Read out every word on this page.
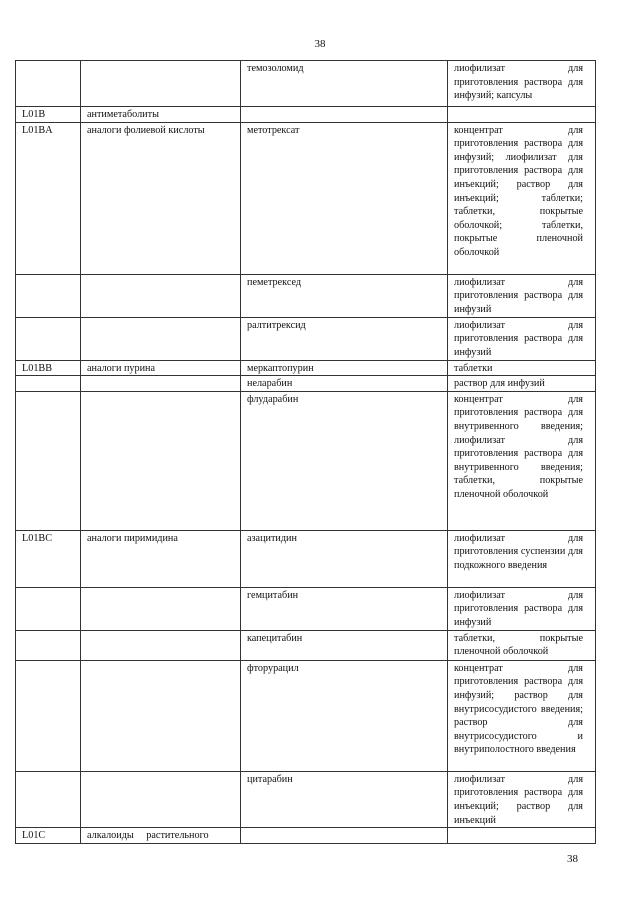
38
		темозоломид	лиофилизат для приготовления раствора для инфузий; капсулы
L01B	антиметаболиты		
L01BA	аналоги фолиевой кислоты	метотрексат	концентрат для приготовления раствора для инфузий; лиофилизат для приготовления раствора для инъекций; раствор для инъекций; таблетки; таблетки, покрытые оболочкой; таблетки, покрытые пленочной оболочкой
		пеметрексед	лиофилизат для приготовления раствора для инфузий
		ралтитрексид	лиофилизат для приготовления раствора для инфузий
L01BB	аналоги пурина	меркаптопурин	таблетки
		неларабин	раствор для инфузий
		флударабин	концентрат для приготовления раствора для внутривенного введения; лиофилизат для приготовления раствора для внутривенного введения; таблетки, покрытые пленочной оболочкой
L01BC	аналоги пиримидина	азацитидин	лиофилизат для приготовления суспензии для подкожного введения
		гемцитабин	лиофилизат для приготовления раствора для инфузий
		капецитабин	таблетки, покрытые пленочной оболочкой
		фторурацил	концентрат для приготовления раствора для инфузий; раствор для внутрисосудистого введения; раствор для внутрисосудистого и внутриполостного введения
		цитарабин	лиофилизат для приготовления раствора для инъекций; раствор для инъекций
L01C	алкалоиды растительного		
38
